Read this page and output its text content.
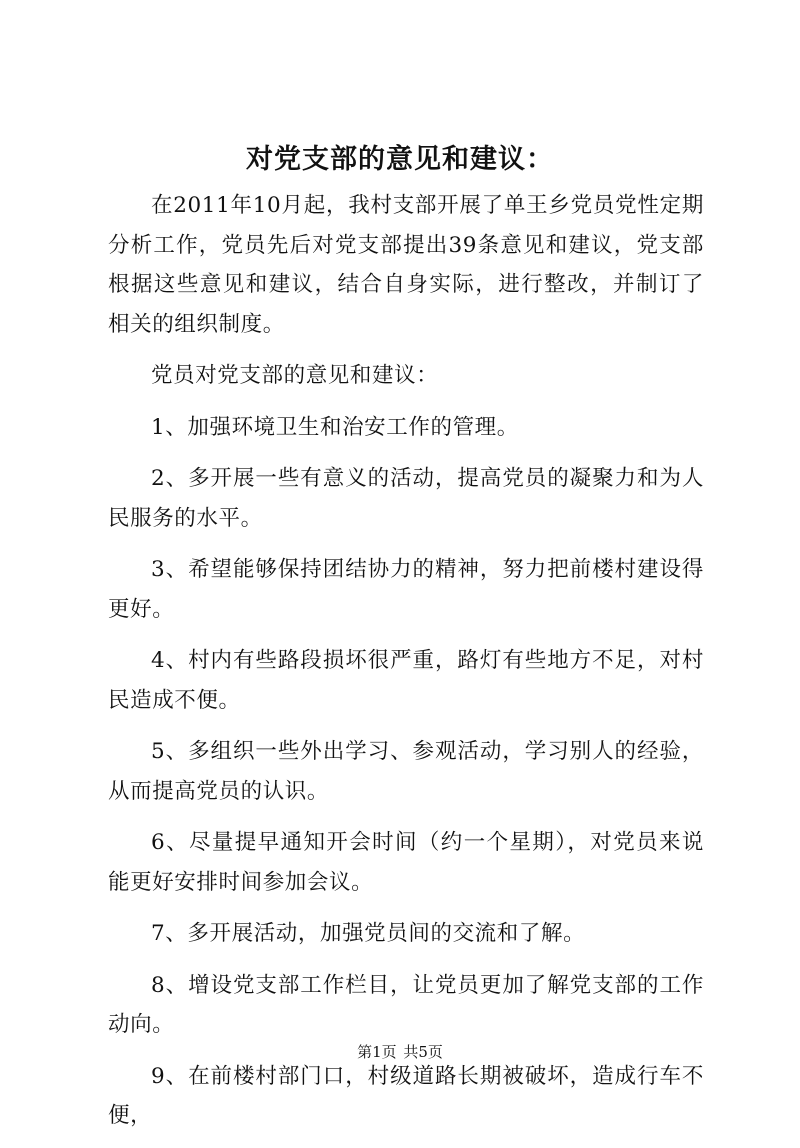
对党支部的意见和建议：

在2011年10月起，我村支部开展了单王乡党员党性定期分析工作，党员先后对党支部提出39条意见和建议，党支部根据这些意见和建议，结合自身实际，进行整改，并制订了相关的组织制度。

党员对党支部的意见和建议：

1、加强环境卫生和治安工作的管理。

2、多开展一些有意义的活动，提高党员的凝聚力和为人民服务的水平。

3、希望能够保持团结协力的精神，努力把前楼村建设得更好。

4、村内有些路段损坏很严重，路灯有些地方不足，对村民造成不便。

5、多组织一些外出学习、参观活动，学习别人的经验，从而提高党员的认识。

6、尽量提早通知开会时间（约一个星期），对党员来说能更好安排时间参加会议。

7、多开展活动，加强党员间的交流和了解。

8、增设党支部工作栏目，让党员更加了解党支部的工作动向。

9、在前楼村部门口，村级道路长期被破坏，造成行车不便，

第1页 共5页
